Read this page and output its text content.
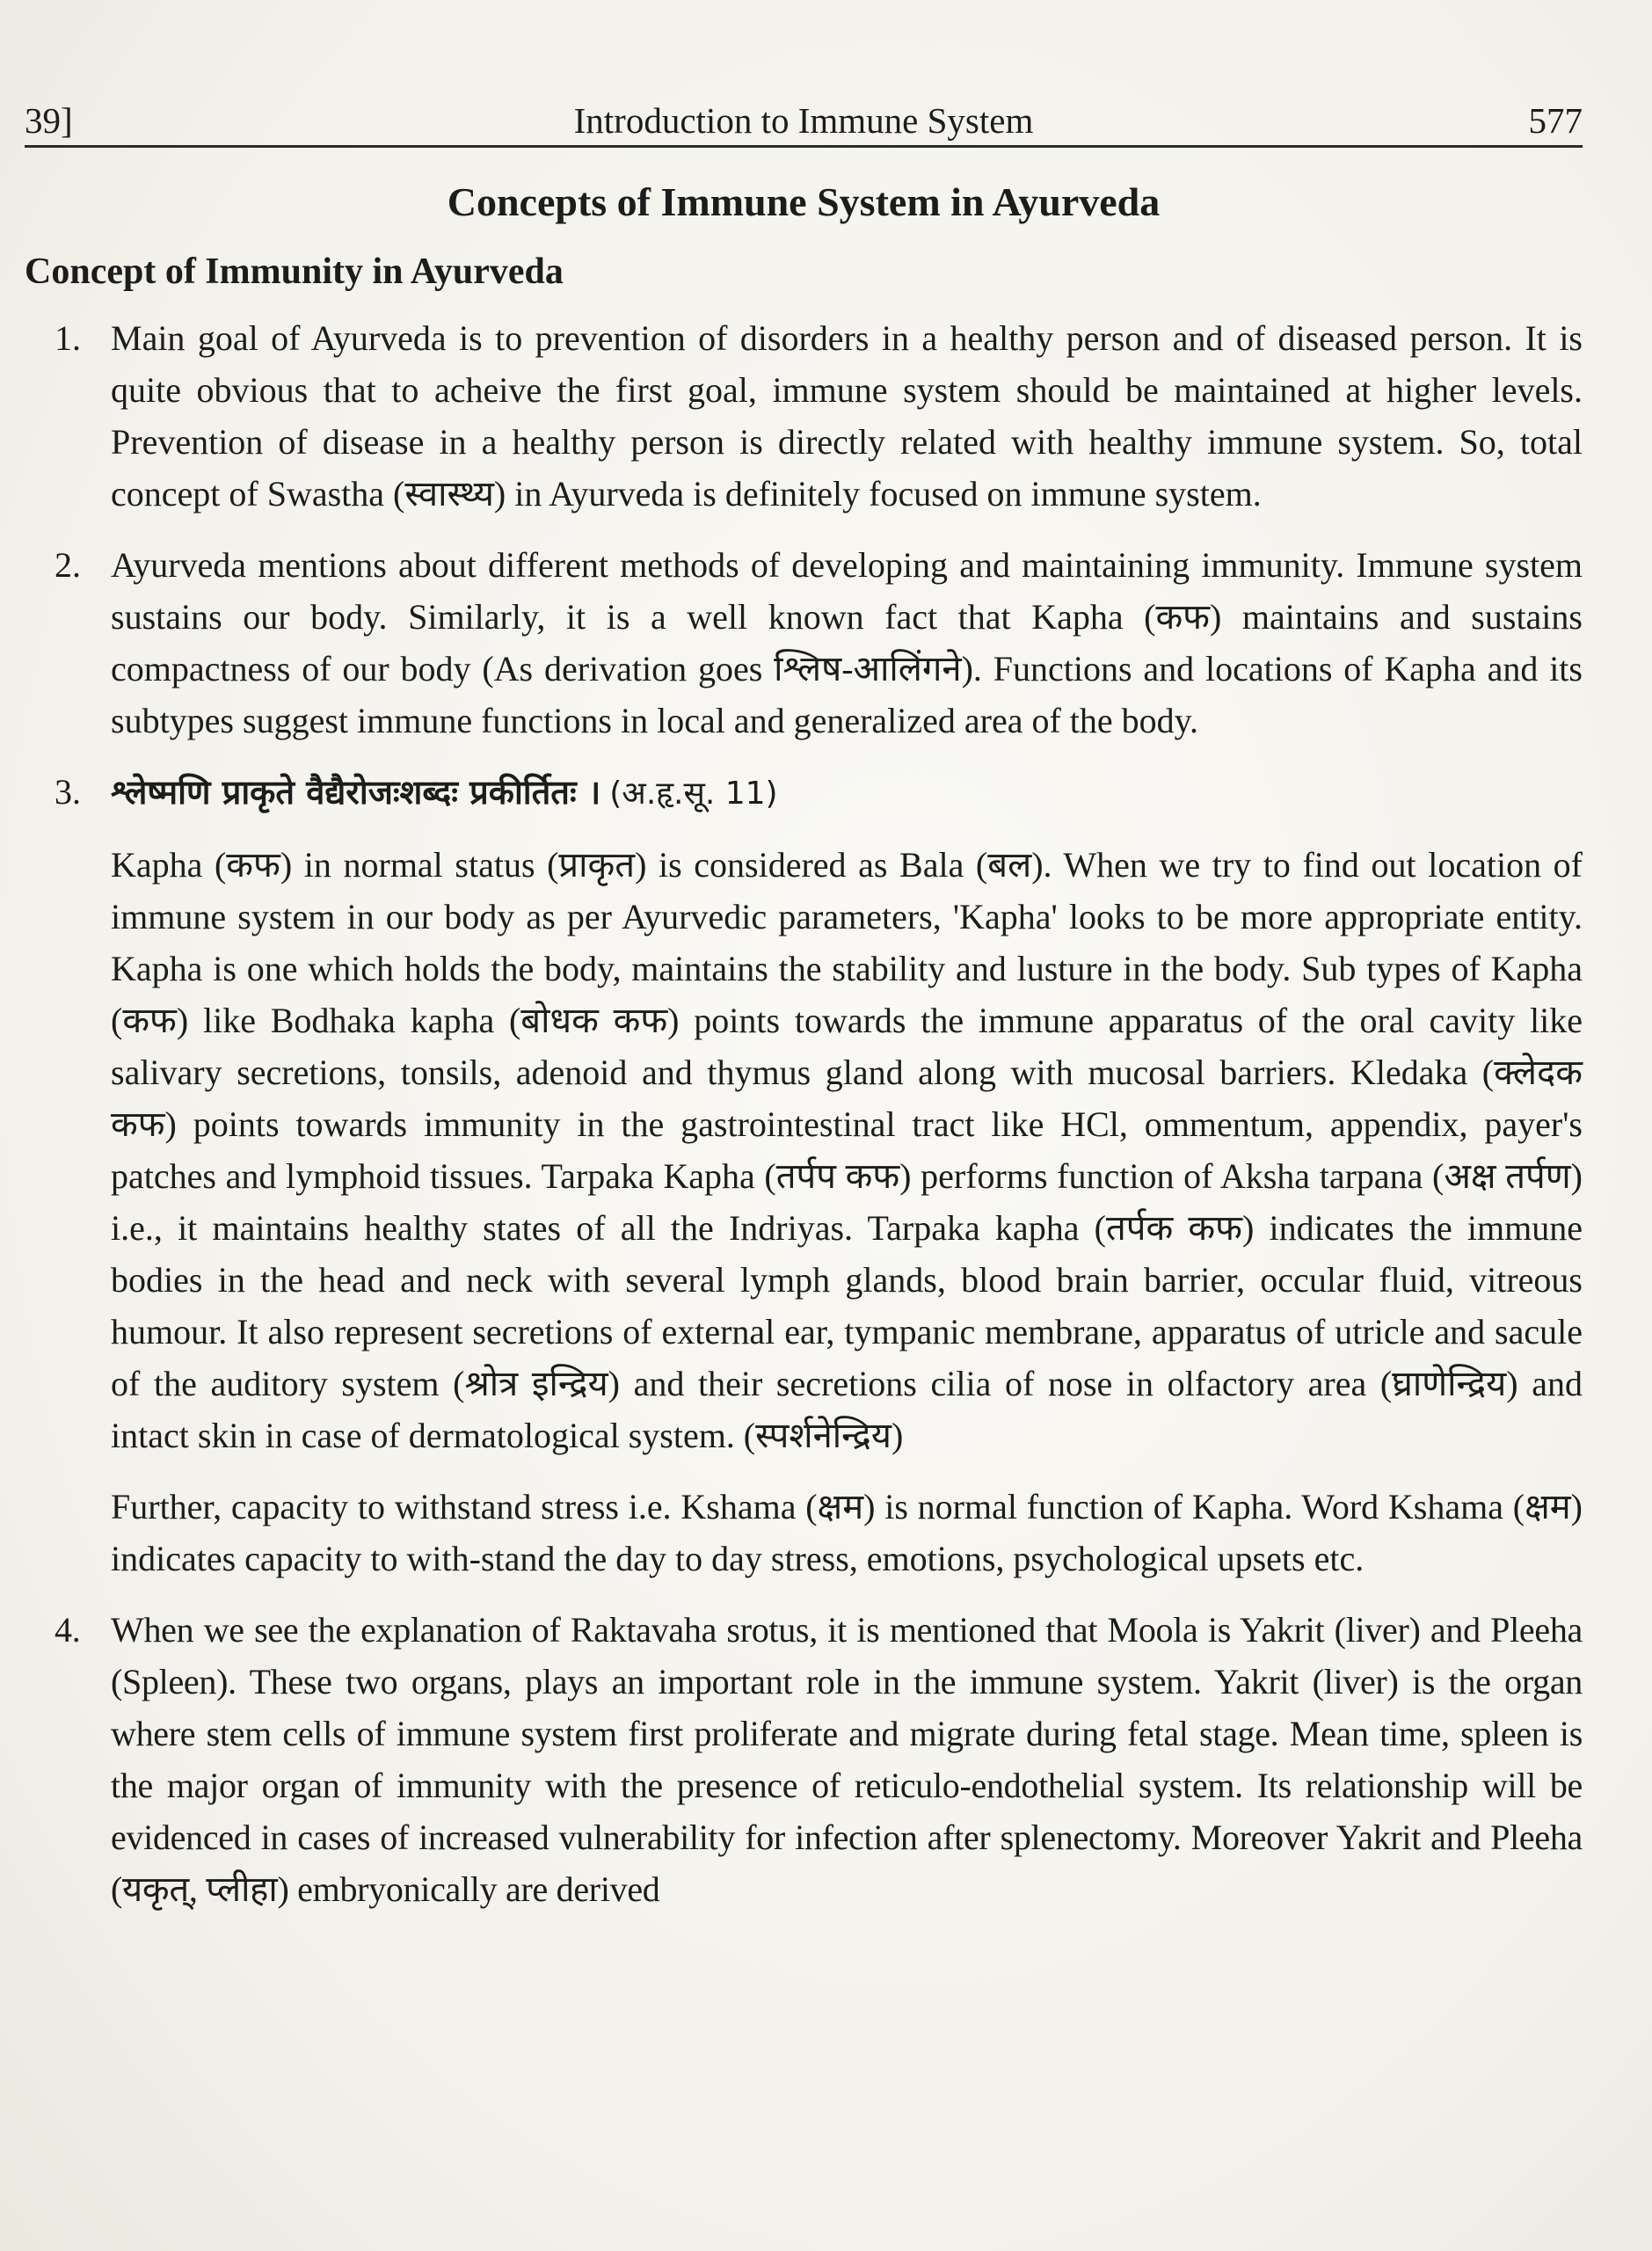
39]	Introduction to Immune System	577
Concepts of Immune System in Ayurveda
Concept of Immunity in Ayurveda
1. Main goal of Ayurveda is to prevention of disorders in a healthy person and of diseased person. It is quite obvious that to acheive the first goal, immune system should be maintained at higher levels. Prevention of disease in a healthy person is directly related with healthy immune system. So, total concept of Swastha (स्वास्थ्य) in Ayurveda is definitely focused on immune system.

2. Ayurveda mentions about different methods of developing and maintaining immunity. Immune system sustains our body. Similarly, it is a well known fact that Kapha (कफ) maintains and sustains compactness of our body (As derivation goes श्लिष-आलिंगने). Functions and locations of Kapha and its subtypes suggest immune functions in local and generalized area of the body.

3. श्लेष्मणि प्राकृते वैद्यैरोजःशब्दः प्रकीर्तितः । (अ.हृ.सू. 11)

Kapha (कफ) in normal status (प्राकृत) is considered as Bala (बल). When we try to find out location of immune system in our body as per Ayurvedic parameters, 'Kapha' looks to be more appropriate entity. Kapha is one which holds the body, maintains the stability and lusture in the body. Sub types of Kapha (कफ) like Bodhaka kapha (बोधक कफ) points towards the immune apparatus of the oral cavity like salivary secretions, tonsils, adenoid and thymus gland along with mucosal barriers. Kledaka (क्लेदक कफ) points towards immunity in the gastrointestinal tract like HCl, ommentum, appendix, payer's patches and lymphoid tissues. Tarpaka Kapha (तर्पप कफ) performs function of Aksha tarpana (अक्ष तर्पण) i.e., it maintains healthy states of all the Indriyas. Tarpaka kapha (तर्पक कफ) indicates the immune bodies in the head and neck with several lymph glands, blood brain barrier, occular fluid, vitreous humour. It also represent secretions of external ear, tympanic membrane, apparatus of utricle and sacule of the auditory system (श्रोत्र इन्द्रिय) and their secretions cilia of nose in olfactory area (घ्राणेन्द्रिय) and intact skin in case of dermatological system. (स्पर्शनेन्द्रिय)

Further, capacity to withstand stress i.e. Kshama (क्षम) is normal function of Kapha. Word Kshama (क्षम) indicates capacity to with-stand the day to day stress, emotions, psychological upsets etc.

4. When we see the explanation of Raktavaha srotus, it is mentioned that Moola is Yakrit (liver) and Pleeha (Spleen). These two organs, plays an important role in the immune system. Yakrit (liver) is the organ where stem cells of immune system first proliferate and migrate during fetal stage. Mean time, spleen is the major organ of immunity with the presence of reticulo-endothelial system. Its relationship will be evidenced in cases of increased vulnerability for infection after splenectomy. Moreover Yakrit and Pleeha (यकृत्, प्लीहा) embryonically are derived
